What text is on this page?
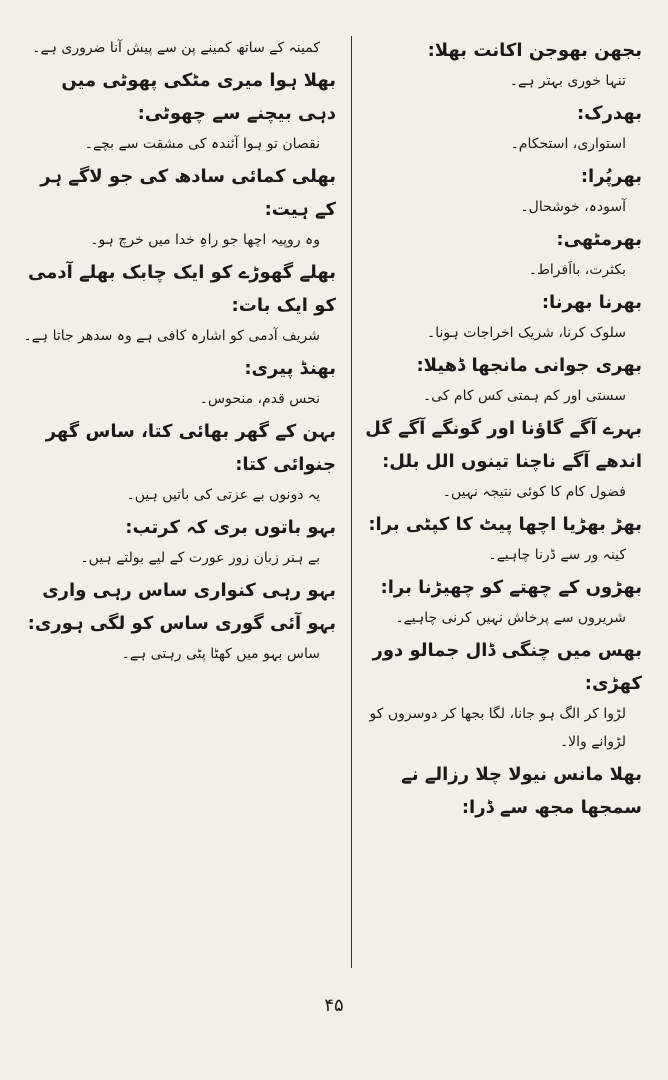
بجھن بھوجن اکانت بھلا:
تنہا خوری بہتر ہے۔
بھدرک:
استواری، استحکام۔
بھرپُرا:
آسودہ، خوشحال۔
بھرمٹھی:
بکثرت، بااَفراط۔
بھرنا بھرنا:
سلوک کرنا، شریک اخراجات ہونا۔
بھری جوانی مانجھا ڈھیلا:
سستی اور کم ہمتی کس کام کی۔
بہرے آگے گاؤنا اور گونگے آگے گل اندھے آگے ناچنا تینوں الل بلل:
فضول کام کا کوئی نتیجہ نہیں۔
بھڑ بھڑیا اچھا پیٹ کا کپٹی برا:
کینہ ور سے ڈرنا چاہیے۔
بھڑوں کے چھتے کو چھیڑنا برا:
شریروں سے پرخاش نہیں کرنی چاہیے۔
بھس میں چنگی ڈال جمالو دور کھڑی:
لڑوا کر الگ ہو جانا، لگا بجھا کر دوسروں کو لڑوانے والا۔
بھلا مانس نیولا چلا رزالے نے سمجھا مجھ سے ڈرا:
کمینہ کے ساتھ کمینے پن سے پیش آنا ضروری ہے۔
بھلا ہوا میری مٹکی پھوٹی میں دہی بیچنے سے چھوٹی:
نقصان تو ہوا آئندہ کی مشقت سے بچے۔
بھلی کمائی سادھ کی جو لاگے ہر کے ہیت:
وہ روپیہ اچھا جو راہِ خدا میں خرچ ہو۔
بھلے گھوڑے کو ایک چابک بھلے آدمی کو ایک بات:
شریف آدمی کو اشارہ کافی ہے وہ سدھر جاتا ہے۔
بھنڈ پیری:
نحس قدم، منحوس۔
بہن کے گھر بھائی کتا، ساس گھر جنوائی کتا:
یہ دونوں بے عزتی کی باتیں ہیں۔
بہو باتوں بری کہ کرتب:
بے ہنر زبان زور عورت کے لیے بولتے ہیں۔
بہو رہی کنواری ساس رہی واری بہو آئی گوری ساس کو لگی ہوری:
ساس بہو میں کھٹا پٹی رہتی ہے۔
۴۵
